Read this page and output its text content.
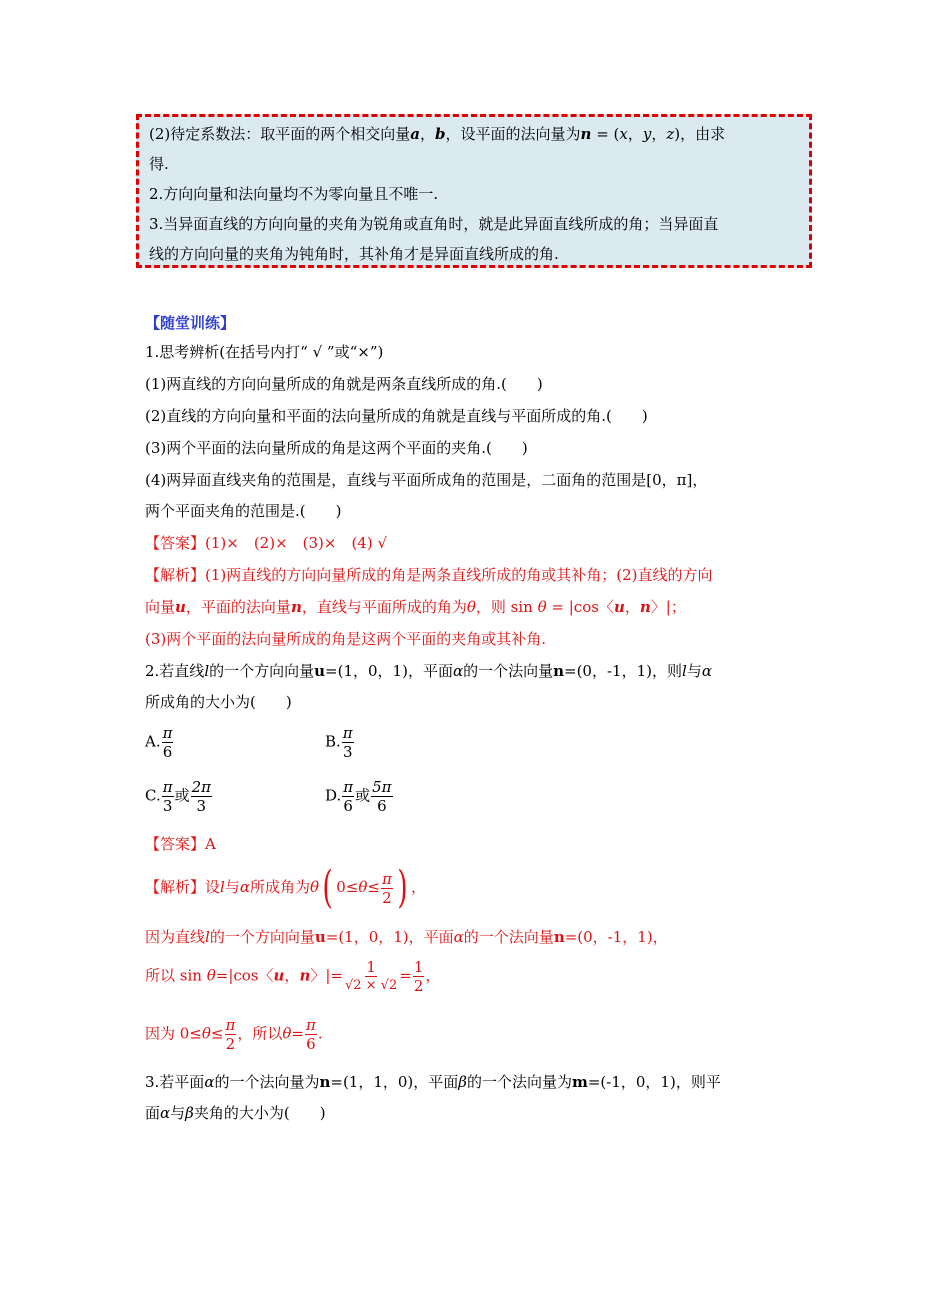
(2)待定系数法：取平面的两个相交向量a，b，设平面的法向量为n = (x，y，z)，由求

得.

2.方向向量和法向量均不为零向量且不唯一.

3.当异面直线的方向向量的夹角为锐角或直角时，就是此异面直线所成的角；当异面直

线的方向向量的夹角为钝角时，其补角才是异面直线所成的角.

【随堂训练】
1.思考辨析(在括号内打“ √ ”或“×”)
(1)两直线的方向向量所成的角就是两条直线所成的角.(　　)
(2)直线的方向向量和平面的法向量所成的角就是直线与平面所成的角.(　　)
(3)两个平面的法向量所成的角是这两个平面的夹角.(　　)
(4)两异面直线夹角的范围是，直线与平面所成角的范围是，二面角的范围是[0，π]，
两个平面夹角的范围是.(　　)
【答案】(1)×　(2)×　(3)×　(4) √
【解析】(1)两直线的方向向量所成的角是两条直线所成的角或其补角；(2)直线的方向
向量u，平面的法向量n，直线与平面所成的角为θ，则 sin θ = |cos〈u，n〉|；
(3)两个平面的法向量所成的角是这两个平面的夹角或其补角.
2.若直线l的一个方向向量u=(1，0，1)，平面α的一个法向量n=(0，-1，1)，则l与α
所成角的大小为(　　)
A. $\frac{\pi}{6}$	B. $\frac{\pi}{3}$
C. $\frac{\pi}{3}$ 或 $\frac{2\pi}{3}$	D. $\frac{\pi}{6}$ 或 $\frac{5\pi}{6}$
【答案】A
【解析】设l与α所成角为θ( $0\le\theta\le \frac{\pi}{2}$ ) ，
因为直线l的一个方向向量u=(1，0，1)，平面α的一个法向量n=(0，-1，1)，
所以 sin θ=|cos〈u，n〉|= $\frac{1}{√2 \times √2} = \frac{1}{2}$ ，
因为 $0\le\theta\le \frac{\pi}{2}$ ，所以$\theta= \frac{\pi}{6}$ .
3.若平面α的一个法向量为n=(1，1，0)，平面β的一个法向量为m=(-1，0，1)，则平
面α与β夹角的大小为(　　)
